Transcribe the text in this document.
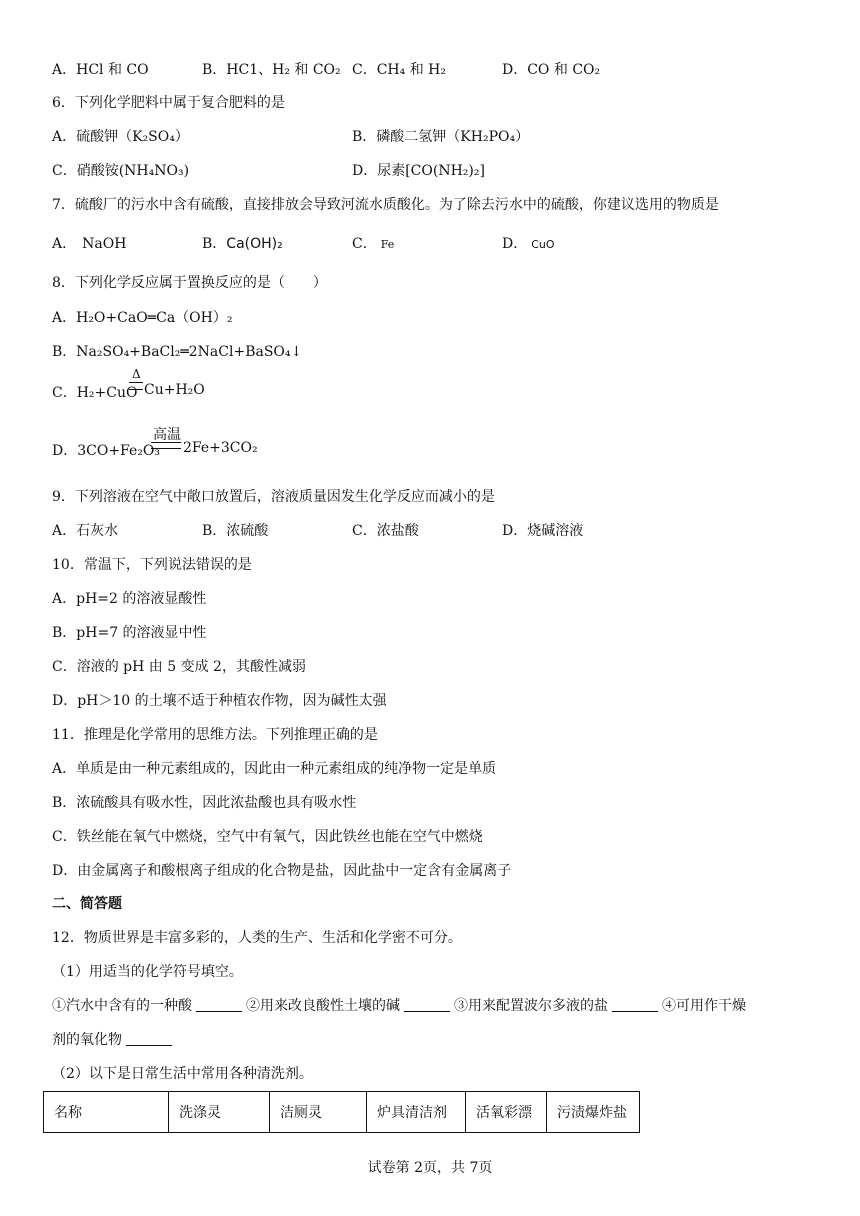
A．HCl 和 CO	B．HC1、H₂ 和 CO₂ C．CH₄ 和 H₂	D．CO 和 CO₂
6．下列化学肥料中属于复合肥料的是
A．硫酸钾（K₂SO₄）	B．磷酸二氢钾（KH₂PO₄）
C．硝酸铵(NH₄NO₃)	D．尿素[CO(NH₂)₂]
7．硫酸厂的污水中含有硫酸，直接排放会导致河流水质酸化。为了除去污水中的硫酸，你建议选用的物质是
A． NaOH	B．Ca(OH)₂	C． Fe	D． CuO
8．下列化学反应属于置换反应的是（　　）
A．H₂O+CaO═Ca（OH）₂
B．Na₂SO₄+BaCl₂═2NaCl+BaSO₄↓
C．H₂+CuO
Δ
Cu+H₂O
D．3CO+Fe₂O₃
高温
2Fe+3CO₂
9．下列溶液在空气中敞口放置后，溶液质量因发生化学反应而减小的是
A．石灰水	B．浓硫酸	C．浓盐酸	D．烧碱溶液
10．常温下，下列说法错误的是
A．pH=2 的溶液显酸性
B．pH=7 的溶液显中性
C．溶液的 pH 由 5 变成 2，其酸性减弱
D．pH＞10 的土壤不适于种植农作物，因为碱性太强
11．推理是化学常用的思维方法。下列推理正确的是
A．单质是由一种元素组成的，因此由一种元素组成的纯净物一定是单质
B．浓硫酸具有吸水性，因此浓盐酸也具有吸水性
C．铁丝能在氧气中燃烧，空气中有氧气，因此铁丝也能在空气中燃烧
D．由金属离子和酸根离子组成的化合物是盐，因此盐中一定含有金属离子
二、简答题
12．物质世界是丰富多彩的，人类的生产、生活和化学密不可分。
（1）用适当的化学符号填空。
①汽水中含有的一种酸	②用来改良酸性土壤的碱	③用来配置波尔多液的盐	④可用作干燥
剂的氧化物
（2）以下是日常生活中常用各种清洗剂。
名称	洗涤灵	洁厕灵	炉具清洁剂	活氧彩漂	污渍爆炸盐
试卷第 2页，共 7页
